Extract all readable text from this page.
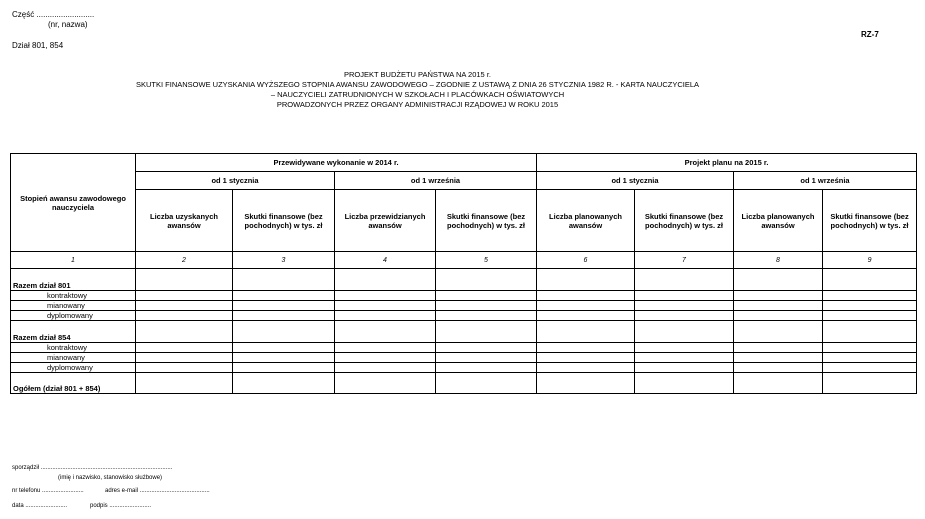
Część ..........................
(nr, nazwa)
Dział 801, 854
RZ-7
PROJEKT BUDŻETU PAŃSTWA NA 2015 r.
SKUTKI FINANSOWE UZYSKANIA WYŻSZEGO STOPNIA AWANSU ZAWODOWEGO – ZGODNIE Z USTAWĄ Z DNIA 26 STYCZNIA 1982 R. - KARTA NAUCZYCIELA
– NAUCZYCIELI ZATRUDNIONYCH W SZKOŁACH I PLACÓWKACH OŚWIATOWYCH
PROWADZONYCH PRZEZ ORGANY ADMINISTRACJI RZĄDOWEJ W ROKU 2015
Stopień awansu zawodowego nauczyciela	Przewidywane wykonanie w 2014 r.				Projekt planu na 2015 r.			
	od 1 stycznia		od 1 września		od 1 stycznia		od 1 września	
	Liczba uzyskanych awansów	Skutki finansowe (bez pochodnych) w tys. zł	Liczba przewidzianych awansów	Skutki finansowe (bez pochodnych) w tys. zł	Liczba planowanych awansów	Skutki finansowe (bez pochodnych) w tys. zł	Liczba planowanych awansów	Skutki finansowe (bez pochodnych) w tys. zł
1	2	3	4	5	6	7	8	9
Razem dział 801								
kontraktowy								
mianowany								
dyplomowany								
Razem dział 854								
kontraktowy								
mianowany								
dyplomowany								
Ogółem (dział 801 + 854)								
sporządził ...............................................................................
(imię i nazwisko, stanowisko służbowe)
nr telefonu .........................	adres e-mail ..........................................
data .........................	podpis .........................
